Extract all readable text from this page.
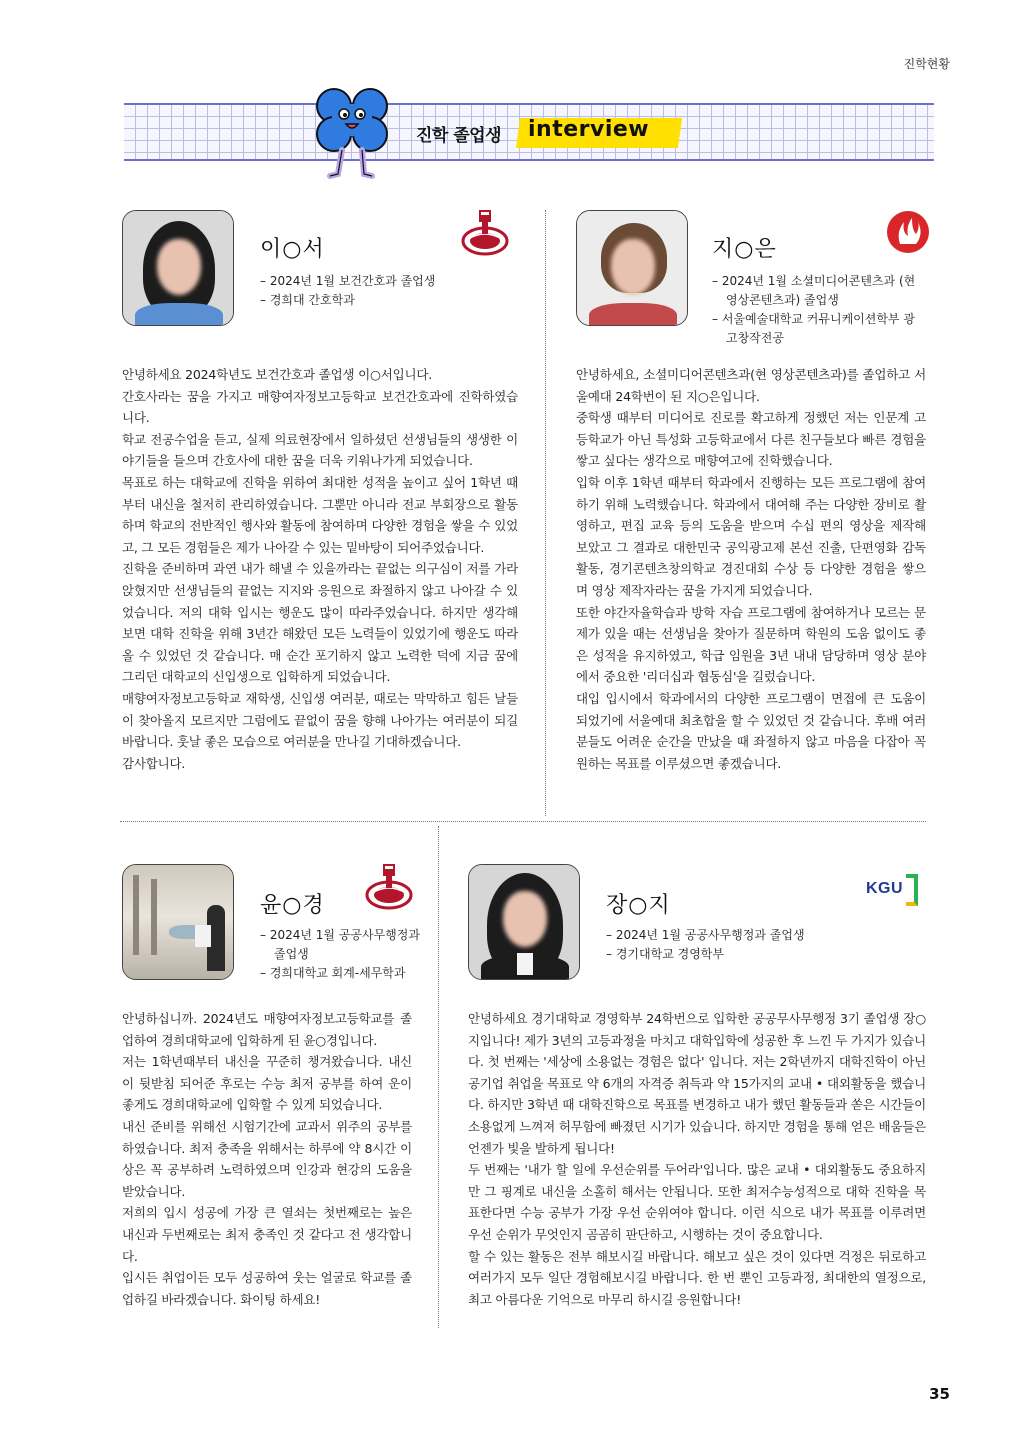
진학현황
진학 졸업생 interview
이○서
– 2024년 1월 보건간호과 졸업생
– 경희대 간호학과

안녕하세요 2024학년도 보건간호과 졸업생 이○서입니다.

간호사라는 꿈을 가지고 매향여자정보고등학교 보건간호과에 진학하였습니다.

학교 전공수업을 듣고, 실제 의료현장에서 일하셨던 선생님들의 생생한 이야기들을 들으며 간호사에 대한 꿈을 더욱 키워나가게 되었습니다.

목표로 하는 대학교에 진학을 위하여 최대한 성적을 높이고 싶어 1학년 때부터 내신을 철저히 관리하였습니다. 그뿐만 아니라 전교 부회장으로 활동하며 학교의 전반적인 행사와 활동에 참여하며 다양한 경험을 쌓을 수 있었고, 그 모든 경험들은 제가 나아갈 수 있는 밑바탕이 되어주었습니다.

진학을 준비하며 과연 내가 해낼 수 있을까라는 끝없는 의구심이 저를 가라앉혔지만 선생님들의 끝없는 지지와 응원으로 좌절하지 않고 나아갈 수 있었습니다. 저의 대학 입시는 행운도 많이 따라주었습니다. 하지만 생각해 보면 대학 진학을 위해 3년간 해왔던 모든 노력들이 있었기에 행운도 따라올 수 있었던 것 같습니다. 매 순간 포기하지 않고 노력한 덕에 지금 꿈에 그리던 대학교의 신입생으로 입학하게 되었습니다.

매향여자정보고등학교 재학생, 신입생 여러분, 때로는 막막하고 힘든 날들이 찾아올지 모르지만 그럼에도 끝없이 꿈을 향해 나아가는 여러분이 되길 바랍니다. 훗날 좋은 모습으로 여러분을 만나길 기대하겠습니다.

감사합니다.

지○은
– 2024년 1월 소셜미디어콘텐츠과 (현 영상콘텐츠과) 졸업생
– 서울예술대학교 커뮤니케이션학부 광고창작전공

안녕하세요, 소셜미디어콘텐츠과(현 영상콘텐츠과)를 졸업하고 서울예대 24학번이 된 지○은입니다.

중학생 때부터 미디어로 진로를 확고하게 정했던 저는 인문계 고등학교가 아닌 특성화 고등학교에서 다른 친구들보다 빠른 경험을 쌓고 싶다는 생각으로 매향여고에 진학했습니다.

입학 이후 1학년 때부터 학과에서 진행하는 모든 프로그램에 참여하기 위해 노력했습니다. 학과에서 대여해 주는 다양한 장비로 촬영하고, 편집 교육 등의 도움을 받으며 수십 편의 영상을 제작해 보았고 그 결과로 대한민국 공익광고제 본선 진출, 단편영화 감독 활동, 경기콘텐츠창의학교 경진대회 수상 등 다양한 경험을 쌓으며 영상 제작자라는 꿈을 가지게 되었습니다.

또한 야간자율학습과 방학 자습 프로그램에 참여하거나 모르는 문제가 있을 때는 선생님을 찾아가 질문하며 학원의 도움 없이도 좋은 성적을 유지하였고, 학급 임원을 3년 내내 담당하며 영상 분야에서 중요한 '리더십과 협동심'을 길렀습니다.

대입 입시에서 학과에서의 다양한 프로그램이 면접에 큰 도움이 되었기에 서울예대 최초합을 할 수 있었던 것 같습니다. 후배 여러분들도 어려운 순간을 만났을 때 좌절하지 않고 마음을 다잡아 꼭 원하는 목표를 이루셨으면 좋겠습니다.

윤○경
– 2024년 1월 공공사무행정과 졸업생
– 경희대학교 회계-세무학과

안녕하십니까. 2024년도 매향여자정보고등학교를 졸업하여 경희대학교에 입학하게 된 윤○경입니다.

저는 1학년때부터 내신을 꾸준히 챙겨왔습니다. 내신이 뒷받침 되어준 후로는 수능 최저 공부를 하여 운이 좋게도 경희대학교에 입학할 수 있게 되었습니다.

내신 준비를 위해선 시험기간에 교과서 위주의 공부를 하였습니다. 최저 충족을 위해서는 하루에 약 8시간 이상은 꼭 공부하려 노력하였으며 인강과 현강의 도움을 받았습니다.

저희의 입시 성공에 가장 큰 열쇠는 첫번째로는 높은 내신과 두번째로는 최저 충족인 것 같다고 전 생각합니다.

입시든 취업이든 모두 성공하여 웃는 얼굴로 학교를 졸업하길 바라겠습니다. 화이팅 하세요!

장○지
– 2024년 1월 공공사무행정과 졸업생
– 경기대학교 경영학부
KGU

안녕하세요 경기대학교 경영학부 24학번으로 입학한 공공무사무행정 3기 졸업생 장○지입니다! 제가 3년의 고등과정을 마치고 대학입학에 성공한 후 느낀 두 가지가 있습니다. 첫 번째는 '세상에 소용없는 경험은 없다' 입니다. 저는 2학년까지 대학진학이 아닌 공기업 취업을 목표로 약 6개의 자격증 취득과 약 15가지의 교내 • 대외활동을 했습니다. 하지만 3학년 때 대학진학으로 목표를 변경하고 내가 했던 활동들과 쏟은 시간들이 소용없게 느껴져 허무함에 빠졌던 시기가 있습니다. 하지만 경험을 통해 얻은 배움들은 언젠가 빛을 발하게 됩니다!

두 번째는 '내가 할 일에 우선순위를 두어라'입니다. 많은 교내 • 대외활동도 중요하지만 그 핑계로 내신을 소홀히 해서는 안됩니다. 또한 최저수능성적으로 대학 진학을 목표한다면 수능 공부가 가장 우선 순위여야 합니다. 이런 식으로 내가 목표를 이루려면 우선 순위가 무엇인지 곰곰히 판단하고, 시행하는 것이 중요합니다.

할 수 있는 활동은 전부 해보시길 바랍니다. 해보고 싶은 것이 있다면 걱정은 뒤로하고 여러가지 모두 일단 경험해보시길 바랍니다. 한 번 뿐인 고등과정, 최대한의 열정으로, 최고 아름다운 기억으로 마무리 하시길 응원합니다!

35
